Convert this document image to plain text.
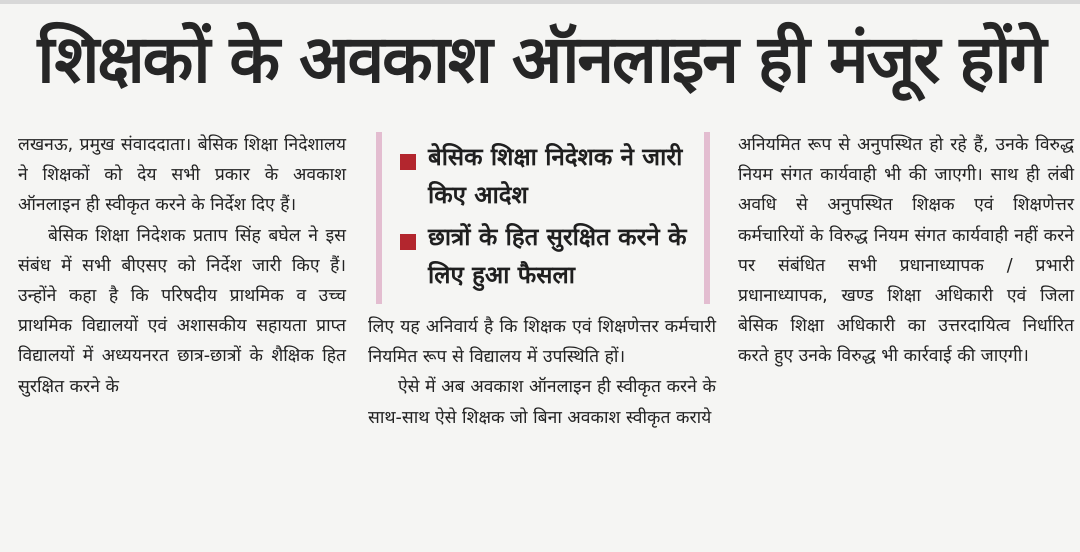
शिक्षकों के अवकाश ऑनलाइन ही मंजूर होंगे

लखनऊ, प्रमुख संवाददाता। बेसिक शिक्षा निदेशालय ने शिक्षकों को देय सभी प्रकार के अवकाश ऑनलाइन ही स्वीकृत करने के निर्देश दिए हैं।

बेसिक शिक्षा निदेशक प्रताप सिंह बघेल ने इस संबंध में सभी बीएसए को निर्देश जारी किए हैं। उन्होंने कहा है कि परिषदीय प्राथमिक व उच्च प्राथमिक विद्यालयों एवं अशासकीय सहायता प्राप्त विद्यालयों में अध्ययनरत छात्र-छात्रों के शैक्षिक हित सुरक्षित करने के

बेसिक शिक्षा निदेशक ने जारी किए आदेश
छात्रों के हित सुरक्षित करने के लिए हुआ फैसला

लिए यह अनिवार्य है कि शिक्षक एवं शिक्षणेत्तर कर्मचारी नियमित रूप से विद्यालय में उपस्थिति हों।

ऐसे में अब अवकाश ऑनलाइन ही स्वीकृत करने के साथ-साथ ऐसे शिक्षक जो बिना अवकाश स्वीकृत कराये

अनियमित रूप से अनुपस्थित हो रहे हैं, उनके विरुद्ध नियम संगत कार्यवाही भी की जाएगी। साथ ही लंबी अवधि से अनुपस्थित शिक्षक एवं शिक्षणेत्तर कर्मचारियों के विरुद्ध नियम संगत कार्यवाही नहीं करने पर संबंधित सभी प्रधानाध्यापक / प्रभारी प्रधानाध्यापक, खण्ड शिक्षा अधिकारी एवं जिला बेसिक शिक्षा अधिकारी का उत्तरदायित्व निर्धारित करते हुए उनके विरुद्ध भी कार्रवाई की जाएगी।
